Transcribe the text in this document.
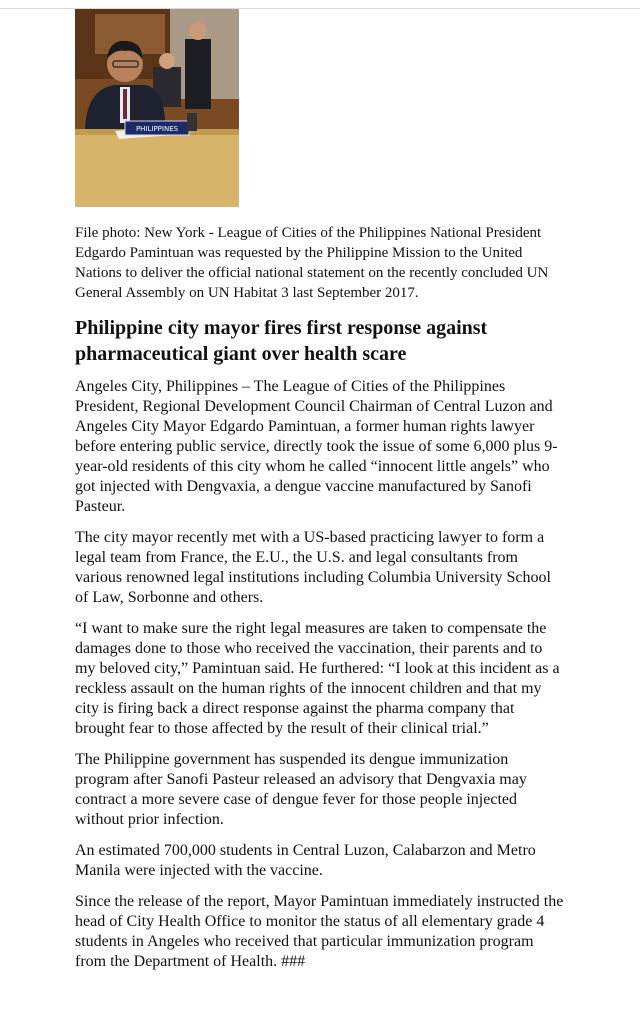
PHILIPPINES

File photo: New York - League of Cities of the Philippines National President Edgardo Pamintuan was requested by the Philippine Mission to the United Nations to deliver the official national statement on the recently concluded UN General Assembly on UN Habitat 3 last September 2017.

Philippine city mayor fires first response against pharmaceutical giant over health scare

Angeles City, Philippines – The League of Cities of the Philippines President, Regional Development Council Chairman of Central Luzon and Angeles City Mayor Edgardo Pamintuan, a former human rights lawyer before entering public service, directly took the issue of some 6,000 plus 9-year-old residents of this city whom he called “innocent little angels” who got injected with Dengvaxia, a dengue vaccine manufactured by Sanofi Pasteur.

The city mayor recently met with a US-based practicing lawyer to form a legal team from France, the E.U., the U.S. and legal consultants from various renowned legal institutions including Columbia University School of Law, Sorbonne and others.

“I want to make sure the right legal measures are taken to compensate the damages done to those who received the vaccination, their parents and to my beloved city,” Pamintuan said. He furthered: “I look at this incident as a reckless assault on the human rights of the innocent children and that my city is firing back a direct response against the pharma company that brought fear to those affected by the result of their clinical trial.”

The Philippine government has suspended its dengue immunization program after Sanofi Pasteur released an advisory that Dengvaxia may contract a more severe case of dengue fever for those people injected without prior infection.

An estimated 700,000 students in Central Luzon, Calabarzon and Metro Manila were injected with the vaccine.

Since the release of the report, Mayor Pamintuan immediately instructed the head of City Health Office to monitor the status of all elementary grade 4 students in Angeles who received that particular immunization program from the Department of Health. ###
